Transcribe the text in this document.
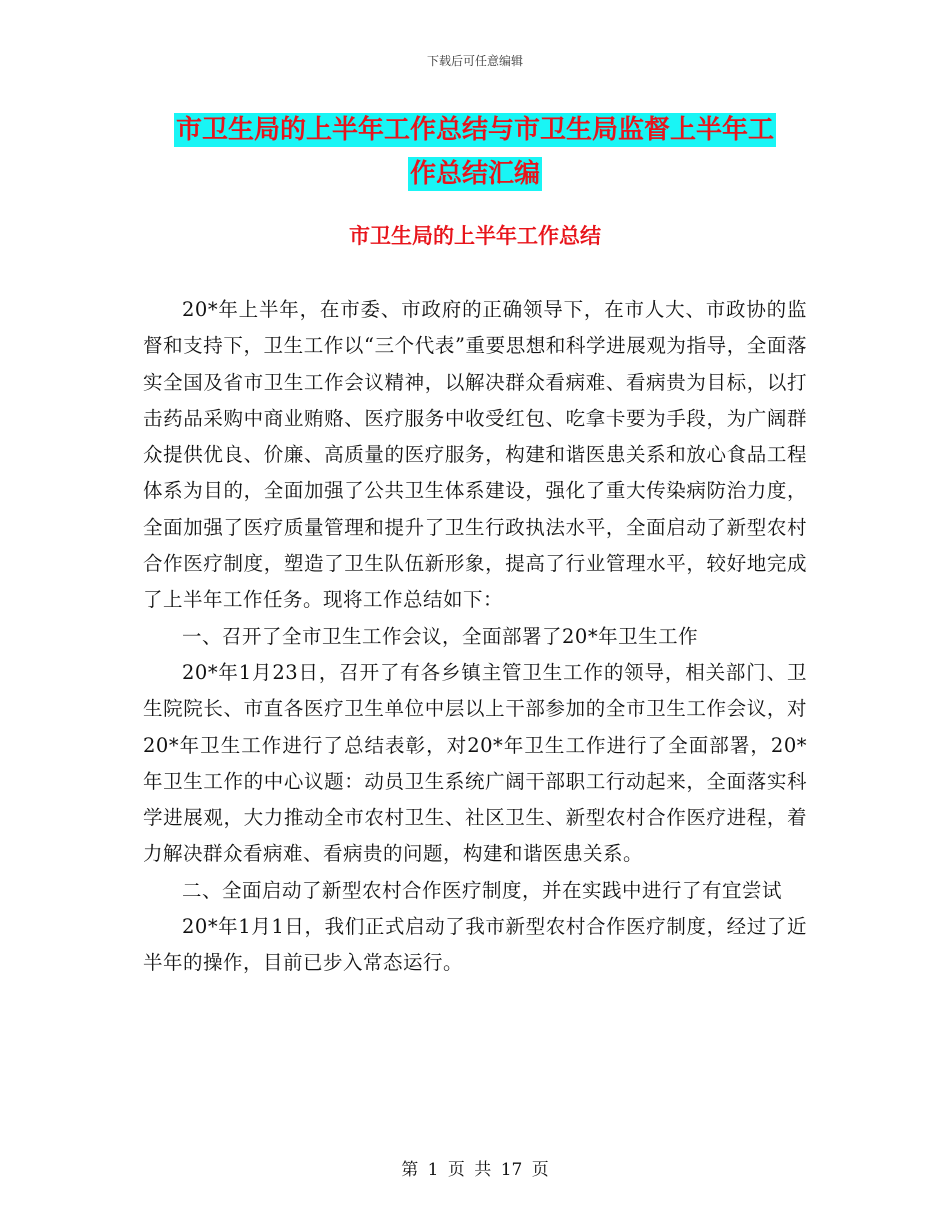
下载后可任意编辑
市卫生局的上半年工作总结与市卫生局监督上半年工
作总结汇编
市卫生局的上半年工作总结

20*年上半年，在市委、市政府的正确领导下，在市人大、市政协的监督和支持下，卫生工作以“三个代表”重要思想和科学进展观为指导，全面落实全国及省市卫生工作会议精神，以解决群众看病难、看病贵为目标，以打击药品采购中商业贿赂、医疗服务中收受红包、吃拿卡要为手段，为广阔群众提供优良、价廉、高质量的医疗服务，构建和谐医患关系和放心食品工程体系为目的，全面加强了公共卫生体系建设，强化了重大传染病防治力度，全面加强了医疗质量管理和提升了卫生行政执法水平，全面启动了新型农村合作医疗制度，塑造了卫生队伍新形象，提高了行业管理水平，较好地完成了上半年工作任务。现将工作总结如下：

一、召开了全市卫生工作会议，全面部署了20*年卫生工作

20*年1月23日，召开了有各乡镇主管卫生工作的领导，相关部门、卫生院院长、市直各医疗卫生单位中层以上干部参加的全市卫生工作会议，对20*年卫生工作进行了总结表彰，对20*年卫生工作进行了全面部署，20*年卫生工作的中心议题：动员卫生系统广阔干部职工行动起来，全面落实科学进展观，大力推动全市农村卫生、社区卫生、新型农村合作医疗进程，着力解决群众看病难、看病贵的问题，构建和谐医患关系。

二、全面启动了新型农村合作医疗制度，并在实践中进行了有宜尝试

20*年1月1日，我们正式启动了我市新型农村合作医疗制度，经过了近半年的操作，目前已步入常态运行。

第 1 页 共 17 页
